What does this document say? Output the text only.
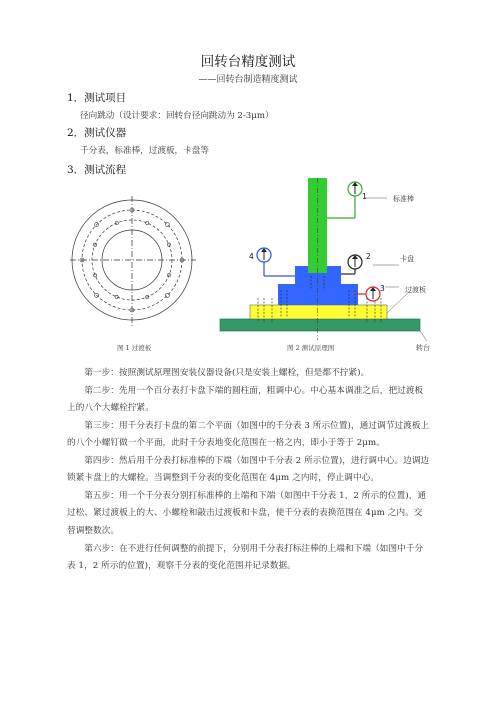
回转台精度测试
——回转台制造精度测试
1．测试项目
径向跳动（设计要求：回转台径向跳动为 2-3μm）
2．测试仪器
千分表，标准棒，过渡板，卡盘等
3．测试流程
图 1 过渡板
1	标准棒
2
4	卡盘
3	过渡板
转台
图 2 测试原理图
第一步：按照测试原理图安装仪器设备(只是安装上螺栓，但是都不拧紧)。
第二步：先用一个百分表打卡盘下端的圆柱面，粗调中心。中心基本调准之后，把过渡板上的八个大螺栓拧紧。
第三步：用千分表打卡盘的第二个平面（如图中的千分表 3 所示位置)，通过调节过渡板上的八个小螺钉做一个平面，此时千分表地变化范围在一格之内，即小于等于 2μm。
第四步：然后用千分表打标准棒的下端（如图中千分表 2 所示位置)，进行调中心。边调边锁紧卡盘上的大螺栓。当调整到千分表的变化范围在 4μm 之内时，停止调中心。
第五步：用一个千分表分别打标准棒的上端和下端（如图中千分表 1，2 所示的位置)，通过松、紧过渡板上的大、小螺栓和敲击过渡板和卡盘，使千分表的表换范围在 4μm 之内。交替调整数次。
第六步：在不进行任何调整的前提下，分别用千分表打标注棒的上端和下端（如图中千分表 1，2 所示的位置)，观察千分表的变化范围并记录数据。
